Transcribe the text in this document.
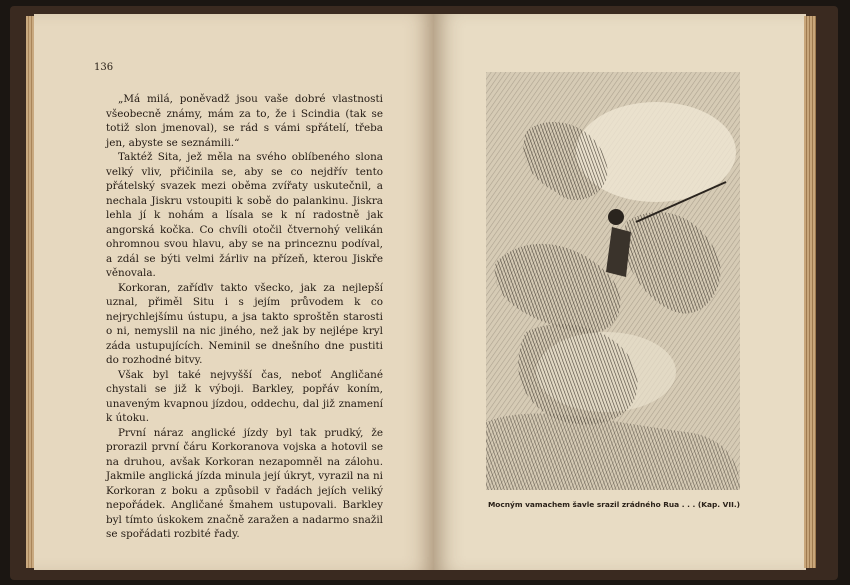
136

„Má milá, poněvadž jsou vaše dobré vlastnosti všeobecně známy, mám za to, že i Scindia (tak se totiž slon jmenoval), se rád s vámi spřátelí, třeba jen, abyste se seznámili.“

Taktéž Sita, jež měla na svého oblíbeného slona velký vliv, přičinila se, aby se co nejdřív tento přátelský svazek mezi oběma zvířaty uskutečnil, a nechala Jiskru vstoupiti k sobě do palankinu. Jiskra lehla jí k nohám a lísala se k ní radostně jak angorská kočka. Co chvíli otočil čtvernohý velikán ohromnou svou hlavu, aby se na princeznu podíval, a zdál se býti velmi žárliv na přízeň, kterou Jiskře věnovala.

Korkoran, zaříďiv takto všecko, jak za nejlepší uznal, přiměl Situ i s jejím průvodem k co nejrychlejšímu ústupu, a jsa takto sproštěn starosti o ni, nemyslil na nic jiného, než jak by nejlépe kryl záda ustupujících. Neminil se dnešního dne pustiti do rozhodné bitvy.

Však byl také nejvyšší čas, neboť Angličané chystali se již k výboji. Barkley, popřáv koním, unaveným kvapnou jízdou, oddechu, dal již znamení k útoku.

První náraz anglické jízdy byl tak prudký, že prorazil první čáru Korkoranova vojska a hotovil se na druhou, avšak Korkoran nezapomněl na zálohu. Jakmile anglická jízda minula její úkryt, vyrazil na ni Korkoran z boku a způsobil v řadách jejích veliký nepořádek. Angličané šmahem ustupovali. Barkley byl tímto úskokem značně zaražen a nadarmo snažil se spořádati rozbité řady.

Mocným vamachem šavle srazil zrádného Rua . . . (Kap. VII.)
